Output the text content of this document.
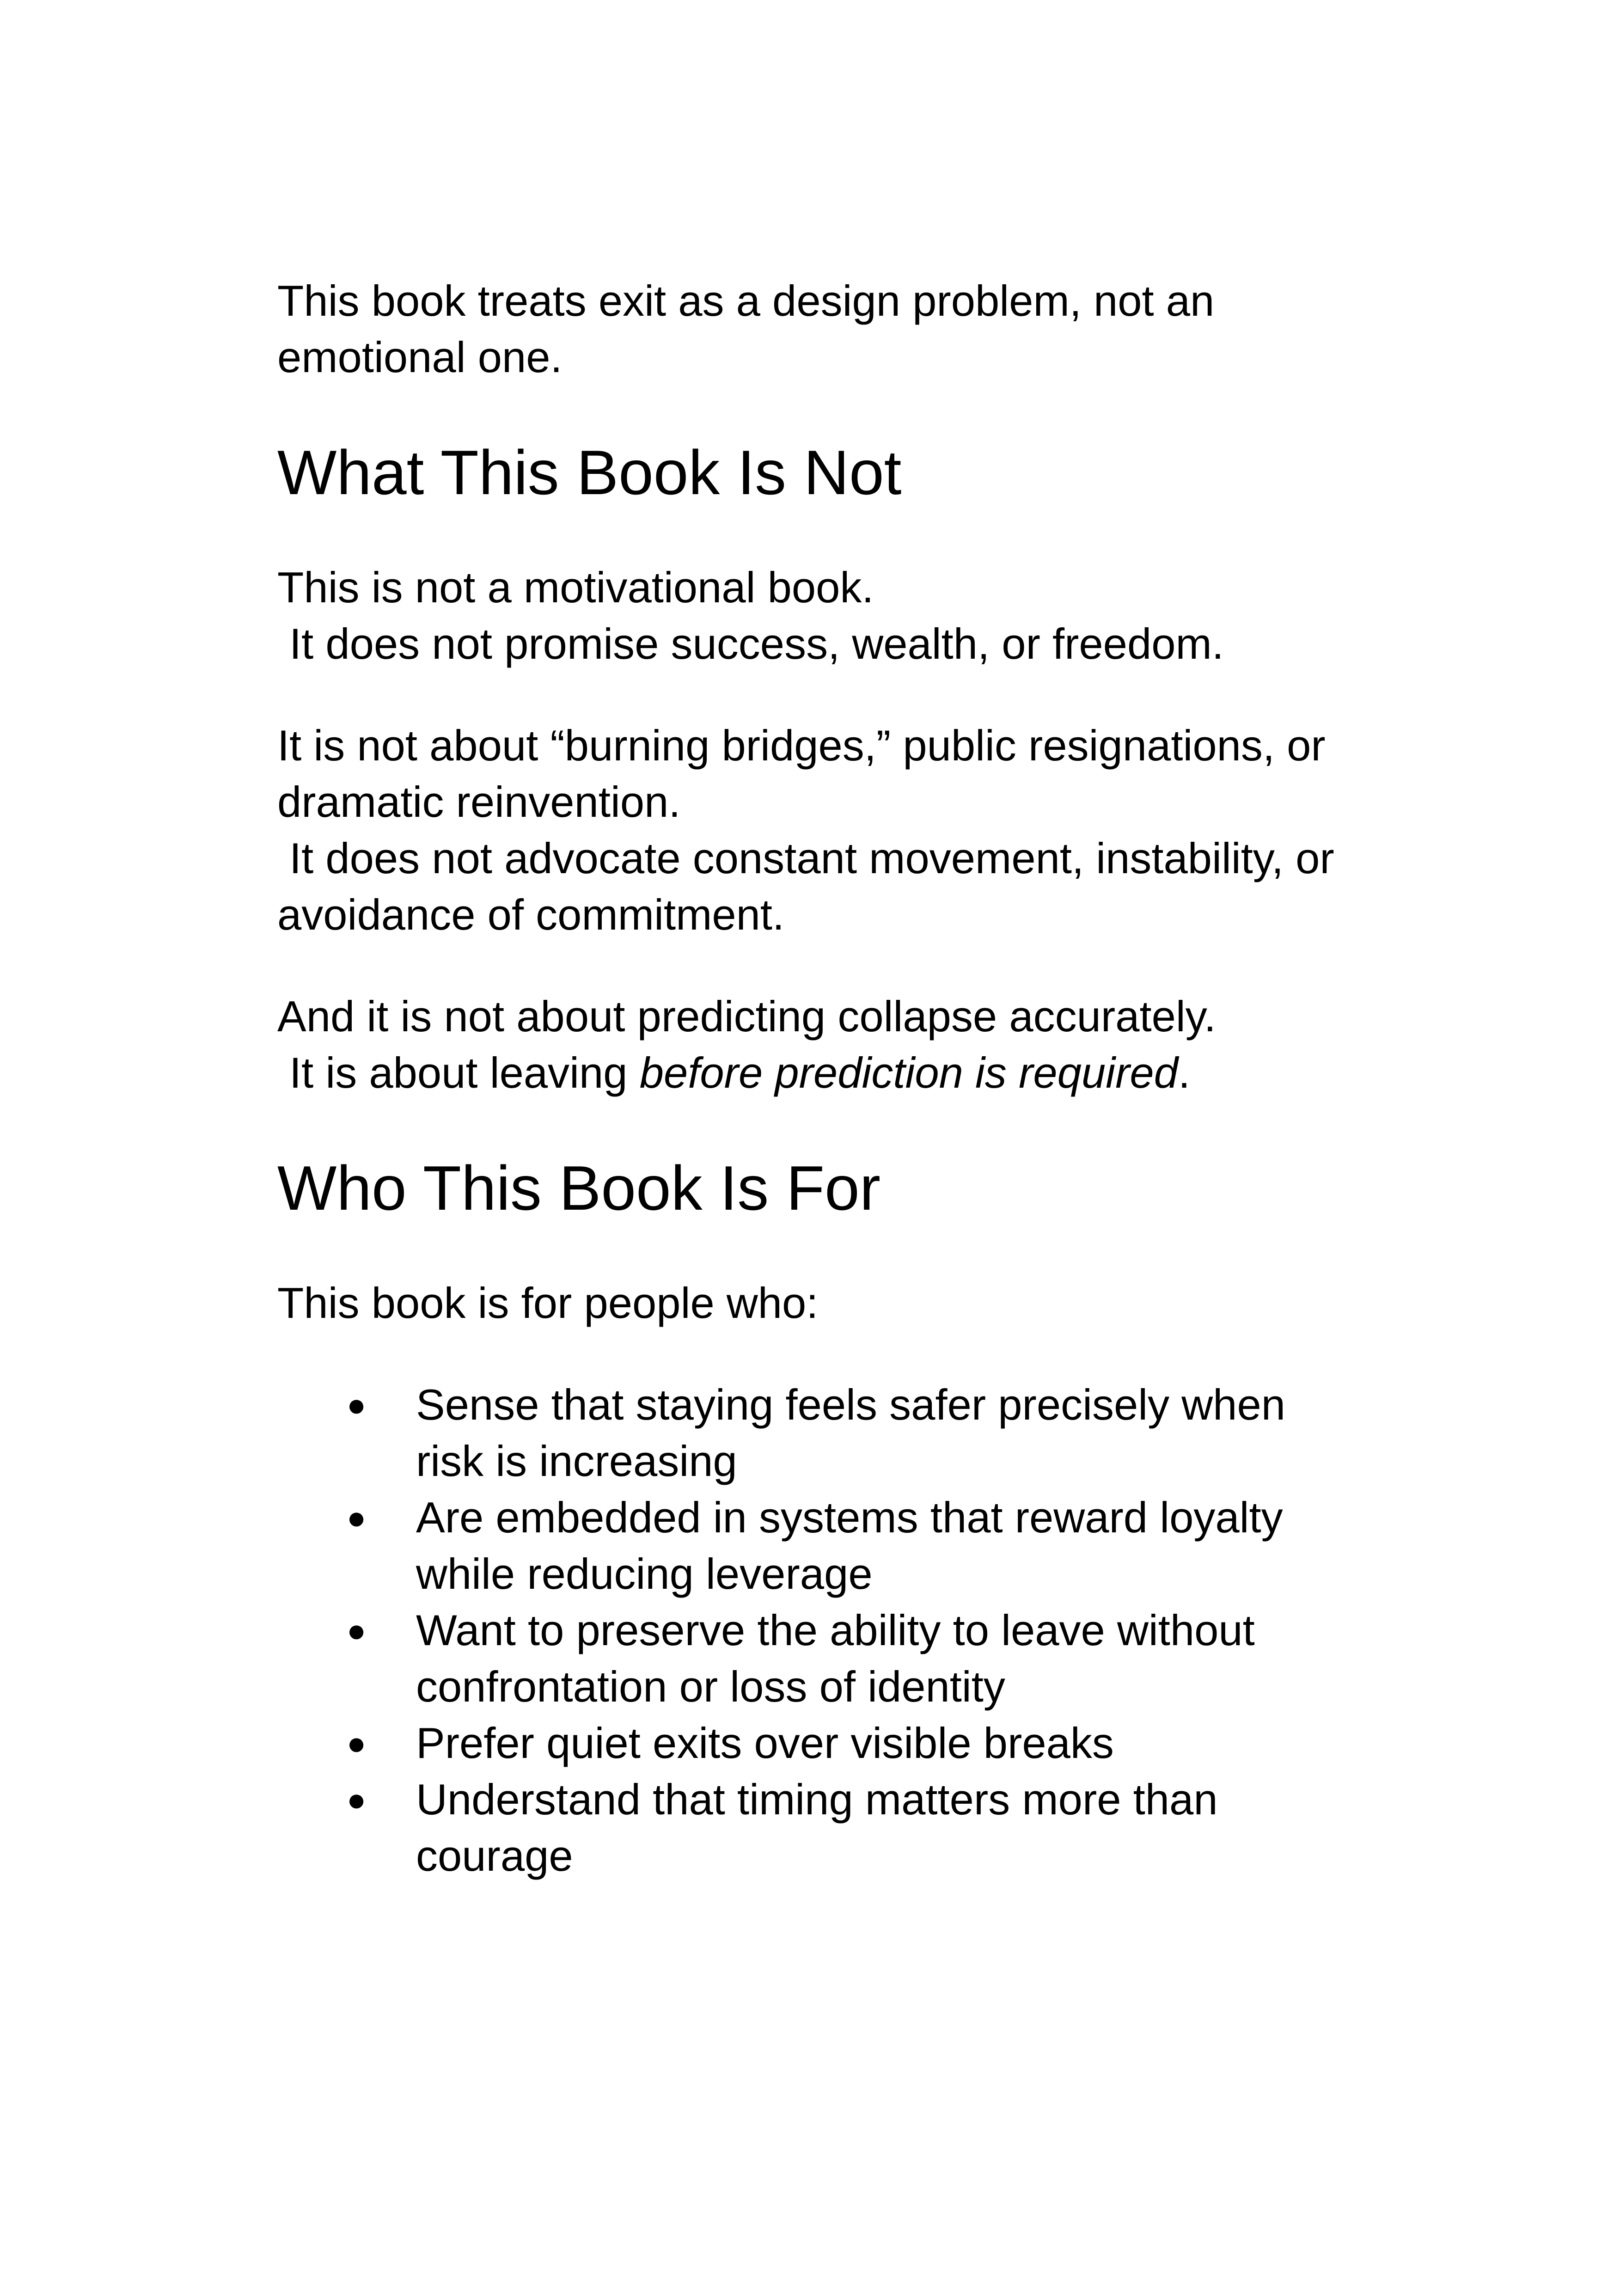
This book treats exit as a design problem, not an
emotional one.

What This Book Is Not

This is not a motivational book.
It does not promise success, wealth, or freedom.

It is not about “burning bridges,” public resignations, or
dramatic reinvention.
It does not advocate constant movement, instability, or
avoidance of commitment.

And it is not about predicting collapse accurately.
It is about leaving before prediction is required.

Who This Book Is For

This book is for people who:

● Sense that staying feels safer precisely when
risk is increasing
● Are embedded in systems that reward loyalty
while reducing leverage
● Want to preserve the ability to leave without
confrontation or loss of identity
● Prefer quiet exits over visible breaks
● Understand that timing matters more than
courage
